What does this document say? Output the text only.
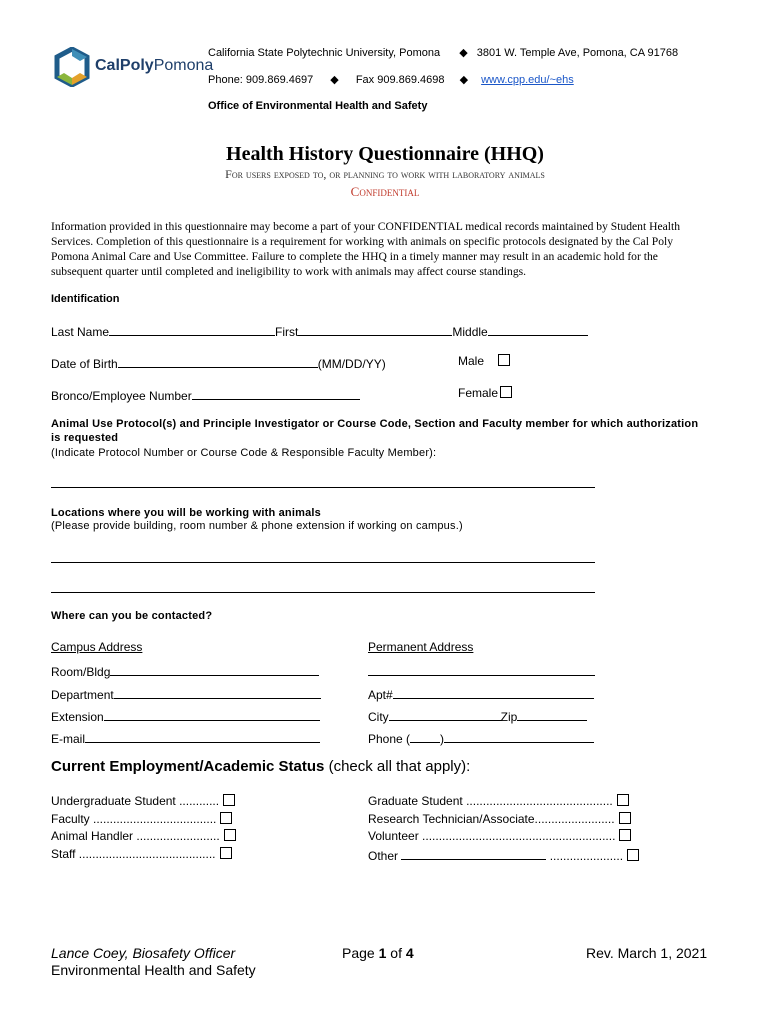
CalPolyPomona
California State Polytechnic University, Pomona ◆ 3801 W. Temple Ave, Pomona, CA 91768
Phone: 909.869.4697 ◆ Fax 909.869.4698 ◆ www.cpp.edu/~ehs
Office of Environmental Health and Safety
Health History Questionnaire (HHQ)
For users exposed to, or planning to work with laboratory animals
Confidential
Information provided in this questionnaire may become a part of your CONFIDENTIAL medical records maintained by Student Health Services. Completion of this questionnaire is a requirement for working with animals on specific protocols designated by the Cal Poly Pomona Animal Care and Use Committee. Failure to complete the HHQ in a timely manner may result in an academic hold for the subsequent quarter until completed and ineligibility to work with animals may affect course standings.
Identification
Last Name	First	Middle
Date of Birth	(MM/DD/YY)	Male
Bronco/Employee Number	Female
Animal Use Protocol(s) and Principle Investigator or Course Code, Section and Faculty member for which authorization is requested
(Indicate Protocol Number or Course Code & Responsible Faculty Member):
Locations where you will be working with animals
(Please provide building, room number & phone extension if working on campus.)
Where can you be contacted?
Campus Address	Permanent Address
Room/Bldg
Department	Apt#
Extension	City	Zip
E-mail	Phone (	)
Current Employment/Academic Status (check all that apply):
Undergraduate Student ............
Faculty .....................................
Animal Handler .........................
Staff .........................................
Graduate Student ............................................
Research Technician/Associate........................
Volunteer ..........................................................
Other	......................
Lance Coey, Biosafety Officer
Environmental Health and Safety
Page 1 of 4	Rev. March 1, 2021
